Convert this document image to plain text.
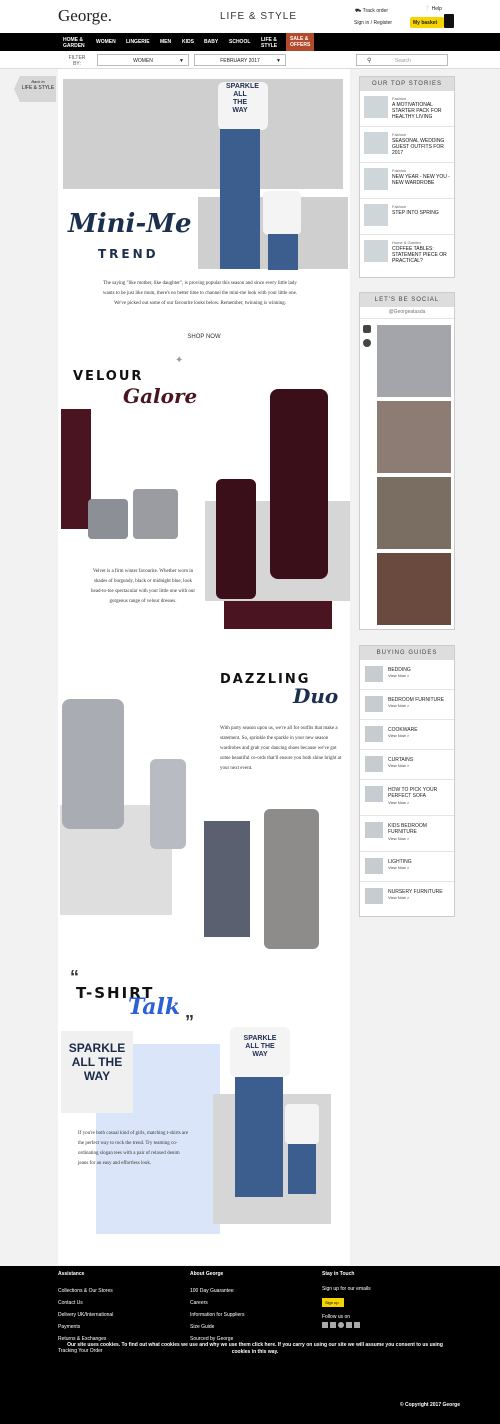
George.	LIFE & STYLE	⛟ Track order	❔ Help
Sign in / Register	My basket
HOME & GARDEN
WOMEN LINGERIE MEN KIDS BABY SCHOOL LIFE & STYLE
SALE & OFFERS
FILTER BY:	WOMEN	▼	FEBRUARY 2017	▼	⚲	Search
Back to
LIFE & STYLE	SPARKLE
ALL THE
WAY
Mini-Me
TREND
The saying "like mother, like daughter", is proving popular this season and since every little lady wants to be just like mum, there's no better time to channel the mini-me look with your little one. We've picked out some of our favourite looks below. Remember, twinning is winning.
SHOP NOW
VELOUR
Galore
✦
Velvet is a firm winter favourite. Whether worn in shades of burgundy, black or midnight blue, look head-to-toe spectacular with your little one with our gorgeous range of velour dresses.
DAZZLING
Duo
With party season upon us, we're all for outfits that make a statement. So, sprinkle the sparkle in your new season wardrobes and grab your dancing shoes because we've got some beautiful co-ords that'll ensure you both shine bright at your next event.
“
T-SHIRT
Talk
”
SPARKLE
ALL THE
WAY
SPARKLE
ALL THE
WAY
If you're both casual kind of girls, matching t-shirts are the perfect way to rock the trend. Try teaming co-ordinating slogan tees with a pair of relaxed denim jeans for an easy and effortless look.
OUR TOP STORIES
Fashion
A MOTIVATIONAL STARTER PACK FOR HEALTHY LIVING
Fashion
SEASONAL WEDDING GUEST OUTFITS FOR 2017
Fashion
NEW YEAR - NEW YOU - NEW WARDROBE
Fashion
STEP INTO SPRING
Home & Garden
COFFEE TABLES: STATEMENT PIECE OR PRACTICAL?
LET'S BE SOCIAL
@Georgeatasda
BUYING GUIDES
BEDDING
View Now >
BEDROOM FURNITURE
View Now >
COOKWARE
View Now >
CURTAINS
View Now >
HOW TO PICK YOUR PERFECT SOFA
View Now >
KIDS BEDROOM FURNITURE
View Now >
LIGHTING
View Now >
NURSERY FURNITURE
View Now >
Assistance
Collections & Our Stores
Contact Us
Delivery UK/International
Payments
Returns & Exchanges
Tracking Your Order
About George
100 Day Guarantee
Careers
Information for Suppliers
Size Guide
Sourced by George
Stay in Touch
Sign up for our emails
Sign up
Follow us on
Our site uses cookies. To find out what cookies we use and why we use them click here. If you carry on using our site we will assume you consent to us using cookies in this way.
© Copyright 2017 George
